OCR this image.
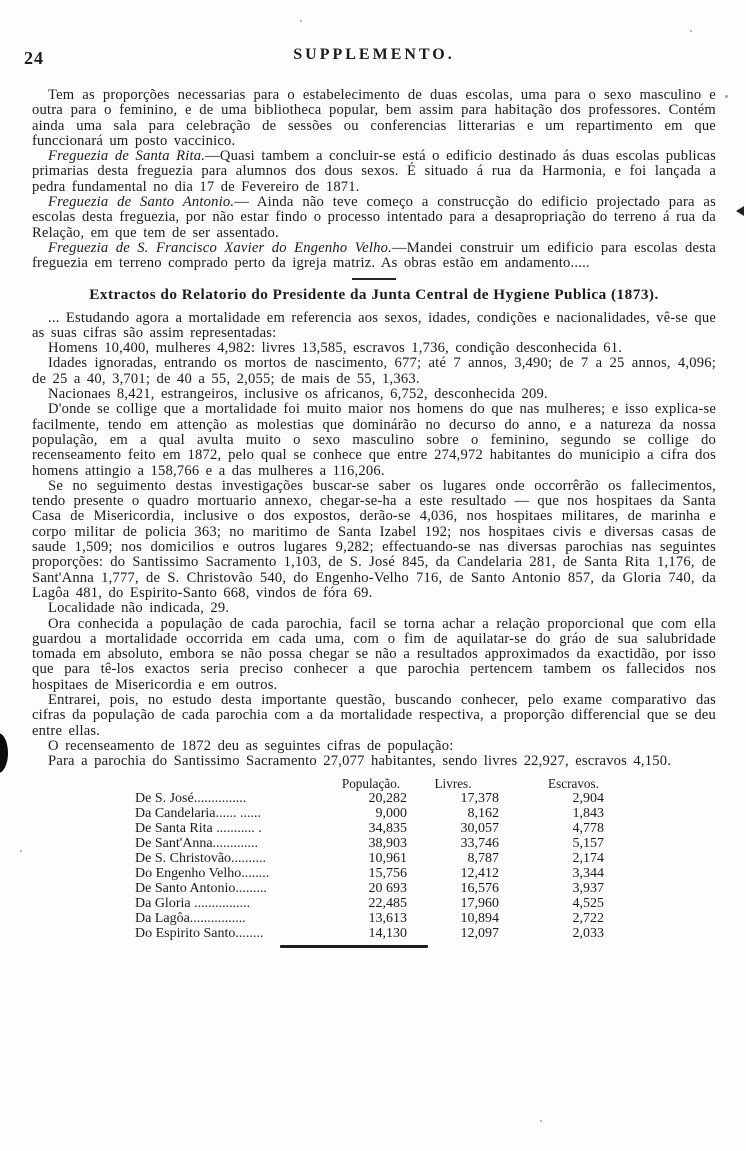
24	SUPPLEMENTO.

Tem as proporções necessarias para o estabelecimento de duas escolas, uma para o sexo masculino e outra para o feminino, e de uma bibliotheca popular, bem assim para habitação dos professores. Contém ainda uma sala para celebração de sessões ou conferencias litterarias e um repartimento em que funccionará um posto vaccinico.

Freguezia de Santa Rita.—Quasi tambem a concluir-se está o edificio destinado ás duas escolas publicas primarias desta freguezia para alumnos dos dous sexos. É situado á rua da Harmonia, e foi lançada a pedra fundamental no dia 17 de Fevereiro de 1871.

Freguezia de Santo Antonio.— Ainda não teve começo a construcção do edificio projectado para as escolas desta freguezia, por não estar findo o processo intentado para a desapropriação do terreno á rua da Relação, em que tem de ser assentado.

Freguezia de S. Francisco Xavier do Engenho Velho.—Mandei construir um edificio para escolas desta freguezia em terreno comprado perto da igreja matriz. As obras estão em andamento.....

Extractos do Relatorio do Presidente da Junta Central de Hygiene Publica (1873).

... Estudando agora a mortalidade em referencia aos sexos, idades, condições e nacionalidades, vê-se que as suas cifras são assim representadas:

Homens 10,400, mulheres 4,982: livres 13,585, escravos 1,736, condição desconhecida 61.

Idades ignoradas, entrando os mortos de nascimento, 677; até 7 annos, 3,490; de 7 a 25 annos, 4,096; de 25 a 40, 3,701; de 40 a 55, 2,055; de mais de 55, 1,363.

Nacionaes 8,421, estrangeiros, inclusive os africanos, 6,752, desconhecida 209.

D'onde se collige que a mortalidade foi muito maior nos homens do que nas mulheres; e isso explica-se facilmente, tendo em attenção as molestias que dominárão no decurso do anno, e a natureza da nossa população, em a qual avulta muito o sexo masculino sobre o feminino, segundo se collige do recenseamento feito em 1872, pelo qual se conhece que entre 274,972 habitantes do municipio a cifra dos homens attingio a 158,766 e a das mulheres a 116,206.

Se no seguimento destas investigações buscar-se saber os lugares onde occorrêrão os fallecimentos, tendo presente o quadro mortuario annexo, chegar-se-ha a este resultado — que nos hospitaes da Santa Casa de Misericordia, inclusive o dos expostos, derão-se 4,036, nos hospitaes militares, de marinha e corpo militar de policia 363; no maritimo de Santa Izabel 192; nos hospitaes civis e diversas casas de saude 1,509; nos domicilios e outros lugares 9,282; effectuando-se nas diversas parochias nas seguintes proporções: do Santissimo Sacramento 1,103, de S. José 845, da Candelaria 281, de Santa Rita 1,176, de Sant'Anna 1,777, de S. Christovão 540, do Engenho-Velho 716, de Santo Antonio 857, da Gloria 740, da Lagôa 481, do Espirito-Santo 668, vindos de fóra 69.

Localidade não indicada, 29.

Ora conhecida a população de cada parochia, facil se torna achar a relação proporcional que com ella guardou a mortalidade occorrida em cada uma, com o fim de aquilatar-se do gráo de sua salubridade tomada em absoluto, embora se não possa chegar se não a resultados approximados da exactidão, por isso que para tê-los exactos seria preciso conhecer a que parochia pertencem tambem os fallecidos nos hospitaes de Misericordia e em outros.

Entrarei, pois, no estudo desta importante questão, buscando conhecer, pelo exame comparativo das cifras da população de cada parochia com a da mortalidade respectiva, a proporção differencial que se deu entre ellas.

O recenseamento de 1872 deu as seguintes cifras de população:

Para a parochia do Santissimo Sacramento 27,077 habitantes, sendo livres 22,927, escravos 4,150.

População.	Livres.	Escravos.
De S. José...............	20,282	17,378	2,904
Da Candelaria...... ......	9,000	8,162	1,843
De Santa Rita ........... .	34,835	30,057	4,778
De Sant'Anna.............	38,903	33,746	5,157
De S. Christovão..........	10,961	8,787	2,174
Do Engenho Velho........	15,756	12,412	3,344
De Santo Antonio.........	20 693	16,576	3,937
Da Gloria ................	22,485	17,960	4,525
Da Lagôa................	13,613	10,894	2,722
Do Espirito Santo........	14,130	12,097	2,033
